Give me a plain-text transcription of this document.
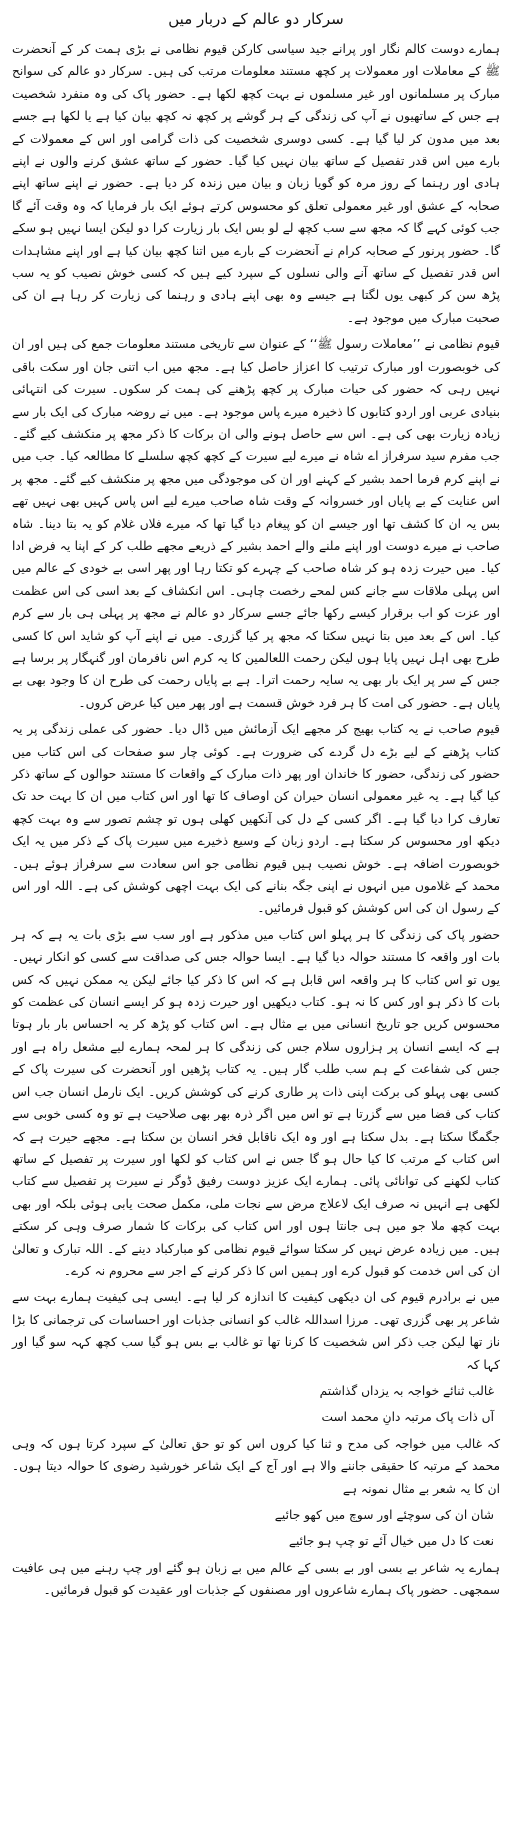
سرکار دو عالم کے دربار میں

ہمارے دوست کالم نگار اور پرانے جید سیاسی کارکن قیوم نظامی نے بڑی ہمت کر کے آنحضرت ﷺ کے معاملات اور معمولات پر کچھ مستند معلومات مرتب کی ہیں۔ سرکار دو عالم کی سوانح مبارک پر مسلمانوں اور غیر مسلموں نے بہت کچھ لکھا ہے۔ حضور پاک کی وہ منفرد شخصیت ہے جس کے ساتھیوں نے آپ کی زندگی کے ہر گوشے پر کچھ نہ کچھ بیان کیا ہے یا لکھا ہے جسے بعد میں مدون کر لیا گیا ہے۔ کسی دوسری شخصیت کی ذات گرامی اور اس کے معمولات کے بارے میں اس قدر تفصیل کے ساتھ بیان نہیں کیا گیا۔ حضور کے ساتھ عشق کرنے والوں نے اپنے ہادی اور رہنما کے روز مرہ کو گویا زبان و بیان میں زندہ کر دیا ہے۔ حضور نے اپنے ساتھ اپنے صحابہ کے عشق اور غیر معمولی تعلق کو محسوس کرتے ہوئے ایک بار فرمایا کہ وہ وقت آئے گا جب کوئی کہے گا کہ مجھ سے سب کچھ لے لو بس ایک بار زیارت کرا دو لیکن ایسا نہیں ہو سکے گا۔ حضور پرنور کے صحابہ کرام نے آنحضرت کے بارے میں اتنا کچھ بیان کیا ہے اور اپنے مشاہدات اس قدر تفصیل کے ساتھ آنے والی نسلوں کے سپرد کیے ہیں کہ کسی خوش نصیب کو یہ سب پڑھ سن کر کبھی یوں لگتا ہے جیسے وہ بھی اپنے ہادی و رہنما کی زیارت کر رہا ہے ان کی صحبت مبارک میں موجود ہے۔

قیوم نظامی نے ’’معاملات رسول ﷺ‘‘ کے عنوان سے تاریخی مستند معلومات جمع کی ہیں اور ان کی خوبصورت اور مبارک ترتیب کا اعزاز حاصل کیا ہے۔ مجھ میں اب اتنی جان اور سکت باقی نہیں رہی کہ حضور کی حیات مبارک پر کچھ پڑھنے کی ہمت کر سکوں۔ سیرت کی انتہائی بنیادی عربی اور اردو کتابوں کا ذخیرہ میرے پاس موجود ہے۔ میں نے روضہ مبارک کی ایک بار سے زیادہ زیارت بھی کی ہے۔ اس سے حاصل ہونے والی ان برکات کا ذکر مجھ پر منکشف کیے گئے۔ جب مفرم سید سرفراز اے شاہ نے میرے لیے سیرت کے کچھ کچھ سلسلے کا مطالعہ کیا۔ جب میں نے اپنے کرم فرما احمد بشیر کے کہنے اور ان کی موجودگی میں مجھ پر منکشف کیے گئے۔ مجھ پر اس عنایت کے بے پایاں اور خسروانہ کے وقت شاہ صاحب میرے لیے اس پاس کہیں بھی نہیں تھے بس یہ ان کا کشف تھا اور جیسے ان کو پیغام دیا گیا تھا کہ میرے فلاں غلام کو یہ بتا دینا۔ شاہ صاحب نے میرے دوست اور اپنے ملنے والے احمد بشیر کے ذریعے مجھے طلب کر کے اپنا یہ فرض ادا کیا۔ میں حیرت زدہ ہو کر شاہ صاحب کے چہرے کو تکتا رہا اور پھر اسی بے خودی کے عالم میں اس پہلی ملاقات سے جانے کس لمحے رخصت چاہی۔ اس انکشاف کے بعد اسی کی اس عظمت اور عزت کو اب برقرار کیسے رکھا جائے جسے سرکار دو عالم نے مجھ پر پہلی ہی بار سے کرم کیا۔ اس کے بعد میں بتا نہیں سکتا کہ مجھ پر کیا گزری۔ میں نے اپنے آپ کو شاید اس کا کسی طرح بھی اہل نہیں پایا ہوں لیکن رحمت اللعالمین کا یہ کرم اس نافرمان اور گنہگار پر برسا ہے جس کے سر پر ایک بار بھی یہ سایہ رحمت اترا۔ ہے بے پایاں رحمت کی طرح ان کا وجود بھی بے پایاں ہے۔ حضور کی امت کا ہر فرد خوش قسمت ہے اور پھر میں کیا عرض کروں۔

قیوم صاحب نے یہ کتاب بھیج کر مجھے ایک آزمائش میں ڈال دیا۔ حضور کی عملی زندگی پر یہ کتاب پڑھنے کے لیے بڑے دل گردے کی ضرورت ہے۔ کوئی چار سو صفحات کی اس کتاب میں حضور کی زندگی، حضور کا خاندان اور پھر ذات مبارک کے واقعات کا مستند حوالوں کے ساتھ ذکر کیا گیا ہے۔ یہ غیر معمولی انسان حیران کن اوصاف کا تھا اور اس کتاب میں ان کا بہت حد تک تعارف کرا دیا گیا ہے۔ اگر کسی کے دل کی آنکھیں کھلی ہوں تو چشم تصور سے وہ بہت کچھ دیکھ اور محسوس کر سکتا ہے۔ اردو زبان کے وسیع ذخیرے میں سیرت پاک کے ذکر میں یہ ایک خوبصورت اضافہ ہے۔ خوش نصیب ہیں قیوم نظامی جو اس سعادت سے سرفراز ہوئے ہیں۔ محمد کے غلاموں میں انہوں نے اپنی جگہ بنانے کی ایک بہت اچھی کوشش کی ہے۔ اللہ اور اس کے رسول ان کی اس کوشش کو قبول فرمائیں۔

حضور پاک کی زندگی کا ہر پہلو اس کتاب میں مذکور ہے اور سب سے بڑی بات یہ ہے کہ ہر بات اور واقعہ کا مستند حوالہ دیا گیا ہے۔ ایسا حوالہ جس کی صداقت سے کسی کو انکار نہیں۔ یوں تو اس کتاب کا ہر واقعہ اس قابل ہے کہ اس کا ذکر کیا جائے لیکن یہ ممکن نہیں کہ کس بات کا ذکر ہو اور کس کا نہ ہو۔ کتاب دیکھیں اور حیرت زدہ ہو کر ایسے انسان کی عظمت کو محسوس کریں جو تاریخ انسانی میں بے مثال ہے۔ اس کتاب کو پڑھ کر یہ احساس بار بار ہوتا ہے کہ ایسے انسان پر ہزاروں سلام جس کی زندگی کا ہر لمحہ ہمارے لیے مشعل راہ ہے اور جس کی شفاعت کے ہم سب طلب گار ہیں۔ یہ کتاب پڑھیں اور آنحضرت کی سیرت پاک کے کسی بھی پہلو کی برکت اپنی ذات پر طاری کرنے کی کوشش کریں۔ ایک نارمل انسان جب اس کتاب کی فضا میں سے گزرتا ہے تو اس میں اگر ذرہ بھر بھی صلاحیت ہے تو وہ کسی خوبی سے جگمگا سکتا ہے۔ بدل سکتا ہے اور وہ ایک ناقابل فخر انسان بن سکتا ہے۔ مجھے حیرت ہے کہ اس کتاب کے مرتب کا کیا حال ہو گا جس نے اس کتاب کو لکھا اور سیرت پر تفصیل کے ساتھ کتاب لکھنے کی توانائی پائی۔ ہمارے ایک عزیز دوست رفیق ڈوگر نے سیرت پر تفصیل سے کتاب لکھی ہے انہیں نہ صرف ایک لاعلاج مرض سے نجات ملی، مکمل صحت یابی ہوئی بلکہ اور بھی بہت کچھ ملا جو میں ہی جانتا ہوں اور اس کتاب کی برکات کا شمار صرف وہی کر سکتے ہیں۔ میں زیادہ عرض نہیں کر سکتا سوائے قیوم نظامی کو مبارکباد دینے کے۔ اللہ تبارک و تعالیٰ ان کی اس خدمت کو قبول کرے اور ہمیں اس کا ذکر کرنے کے اجر سے محروم نہ کرے۔

میں نے برادرم قیوم کی ان دیکھی کیفیت کا اندازہ کر لیا ہے۔ ایسی ہی کیفیت ہمارے بہت سے شاعر پر بھی گزری تھی۔ مرزا اسداللہ غالب کو انسانی جذبات اور احساسات کی ترجمانی کا بڑا ناز تھا لیکن جب ذکر اس شخصیت کا کرنا تھا تو غالب بے بس ہو گیا سب کچھ کہہ سو گیا اور کہا کہ

غالب ثنائے خواجہ بہ یزداں گذاشتم
آں ذات پاک مرتبہ دانِ محمد است

کہ غالب میں خواجہ کی مدح و ثنا کیا کروں اس کو تو حق تعالیٰ کے سپرد کرتا ہوں کہ وہی محمد کے مرتبہ کا حقیقی جاننے والا ہے اور آج کے ایک شاعر خورشید رضوی کا حوالہ دیتا ہوں۔ ان کا یہ شعر بے مثال نمونہ ہے

شان ان کی سوچئے اور سوچ میں کھو جائیے
نعت کا دل میں خیال آئے تو چپ ہو جائیے

ہمارے یہ شاعر بے بسی اور بے بسی کے عالم میں بے زبان ہو گئے اور چپ رہنے میں ہی عافیت سمجھی۔ حضور پاک ہمارے شاعروں اور مصنفوں کے جذبات اور عقیدت کو قبول فرمائیں۔
